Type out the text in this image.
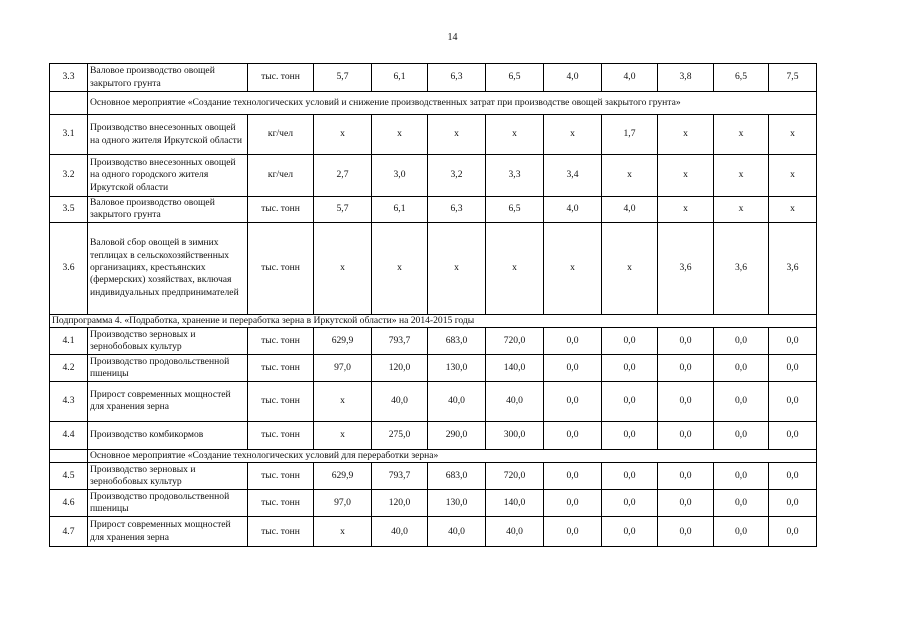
14
3.3	Валовое производство овощей закрытого грунта	тыс. тонн	5,7	6,1	6,3	6,5	4,0	4,0	3,8	6,5	7,5
	Основное мероприятие «Создание технологических условий и снижение производственных затрат при производстве овощей закрытого грунта»										
3.1	Производство внесезонных овощей на одного жителя Иркутской области	кг/чел	x	x	x	x	x	1,7	x	x	x
3.2	Производство внесезонных овощей на одного городского жителя Иркутской области	кг/чел	2,7	3,0	3,2	3,3	3,4	x	x	x	x
3.5	Валовое производство овощей закрытого грунта	тыс. тонн	5,7	6,1	6,3	6,5	4,0	4,0	x	x	x
3.6	Валовой сбор овощей в зимних теплицах в сельскохозяйственных организациях, крестьянских (фермерских) хозяйствах, включая индивидуальных предпринимателей	тыс. тонн	x	x	x	x	x	x	3,6	3,6	3,6
Подпрограмма 4. «Подработка, хранение и переработка зерна в Иркутской области» на 2014-2015 годы											
4.1	Производство зерновых и зернобобовых культур	тыс. тонн	629,9	793,7	683,0	720,0	0,0	0,0	0,0	0,0	0,0
4.2	Производство продовольственной пшеницы	тыс. тонн	97,0	120,0	130,0	140,0	0,0	0,0	0,0	0,0	0,0
4.3	Прирост современных мощностей для хранения зерна	тыс. тонн	x	40,0	40,0	40,0	0,0	0,0	0,0	0,0	0,0
4.4	Производство комбикормов	тыс. тонн	x	275,0	290,0	300,0	0,0	0,0	0,0	0,0	0,0
	Основное мероприятие «Создание технологических условий для переработки зерна»										
4.5	Производство зерновых и зернобобовых культур	тыс. тонн	629,9	793,7	683,0	720,0	0,0	0,0	0,0	0,0	0,0
4.6	Производство продовольственной пшеницы	тыс. тонн	97,0	120,0	130,0	140,0	0,0	0,0	0,0	0,0	0,0
4.7	Прирост современных мощностей для хранения зерна	тыс. тонн	x	40,0	40,0	40,0	0,0	0,0	0,0	0,0	0,0
